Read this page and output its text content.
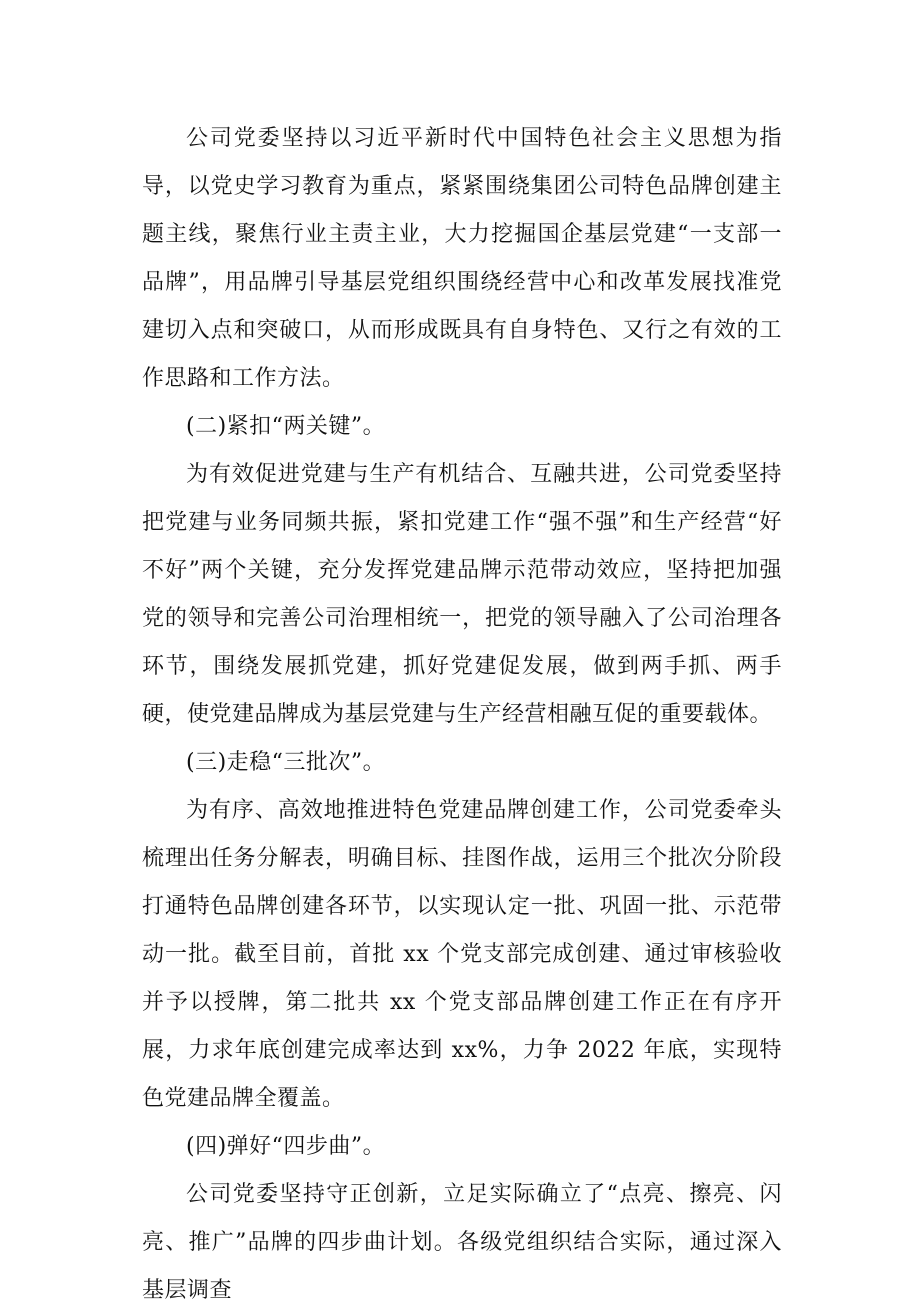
公司党委坚持以习近平新时代中国特色社会主义思想为指导，以党史学习教育为重点，紧紧围绕集团公司特色品牌创建主题主线，聚焦行业主责主业，大力挖掘国企基层党建“一支部一品牌”，用品牌引导基层党组织围绕经营中心和改革发展找准党建切入点和突破口，从而形成既具有自身特色、又行之有效的工作思路和工作方法。

(二)紧扣“两关键”。

为有效促进党建与生产有机结合、互融共进，公司党委坚持把党建与业务同频共振，紧扣党建工作“强不强”和生产经营“好不好”两个关键，充分发挥党建品牌示范带动效应，坚持把加强党的领导和完善公司治理相统一，把党的领导融入了公司治理各环节，围绕发展抓党建，抓好党建促发展，做到两手抓、两手硬，使党建品牌成为基层党建与生产经营相融互促的重要载体。

(三)走稳“三批次”。

为有序、高效地推进特色党建品牌创建工作，公司党委牵头梳理出任务分解表，明确目标、挂图作战，运用三个批次分阶段打通特色品牌创建各环节，以实现认定一批、巩固一批、示范带动一批。截至目前，首批 xx 个党支部完成创建、通过审核验收并予以授牌，第二批共 xx 个党支部品牌创建工作正在有序开展，力求年底创建完成率达到 xx%，力争 2022 年底，实现特色党建品牌全覆盖。

(四)弹好“四步曲”。

公司党委坚持守正创新，立足实际确立了“点亮、擦亮、闪亮、推广”品牌的四步曲计划。各级党组织结合实际，通过深入基层调查
